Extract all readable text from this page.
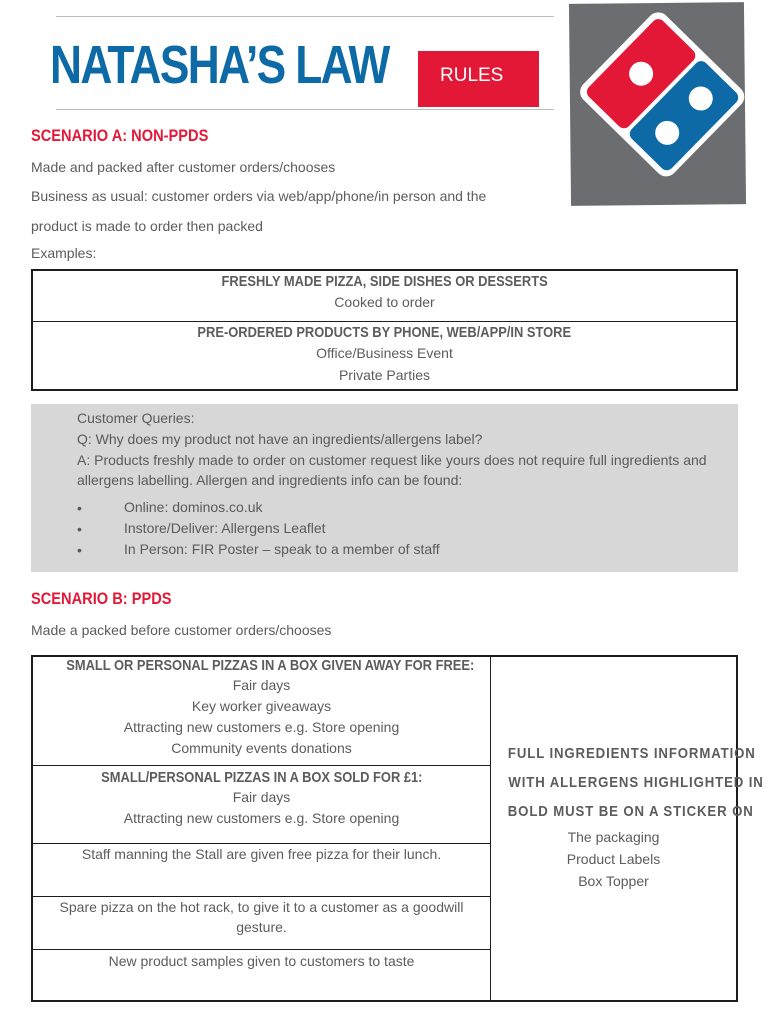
NATASHA’S LAW	RULES
SCENARIO A: NON-PPDS
Made and packed after customer orders/chooses
Business as usual: customer orders via web/app/phone/in person and the
product is made to order then packed
Examples:
FRESHLY MADE PIZZA, SIDE DISHES OR DESSERTS
Cooked to order
PRE-ORDERED PRODUCTS BY PHONE, WEB/APP/IN STORE
Office/Business Event
Private Parties
Customer Queries:
Q: Why does my product not have an ingredients/allergens label?
A: Products freshly made to order on customer request like yours does not require full ingredients and
allergens labelling. Allergen and ingredients info can be found:
•	Online: dominos.co.uk
•	Instore/Deliver: Allergens Leaflet
•	In Person: FIR Poster – speak to a member of staff
SCENARIO B: PPDS
Made a packed before customer orders/chooses
SMALL OR PERSONAL PIZZAS IN A BOX GIVEN AWAY FOR FREE:
Fair days
Key worker giveaways
Attracting new customers e.g. Store opening
Community events donations
SMALL/PERSONAL PIZZAS IN A BOX SOLD FOR £1:
Fair days
Attracting new customers e.g. Store opening
Staff manning the Stall are given free pizza for their lunch.
Spare pizza on the hot rack, to give it to a customer as a goodwill
gesture.
New product samples given to customers to taste
FULL INGREDIENTS INFORMATION
WITH ALLERGENS HIGHLIGHTED IN
BOLD MUST BE ON A STICKER ON
The packaging
Product Labels
Box Topper
